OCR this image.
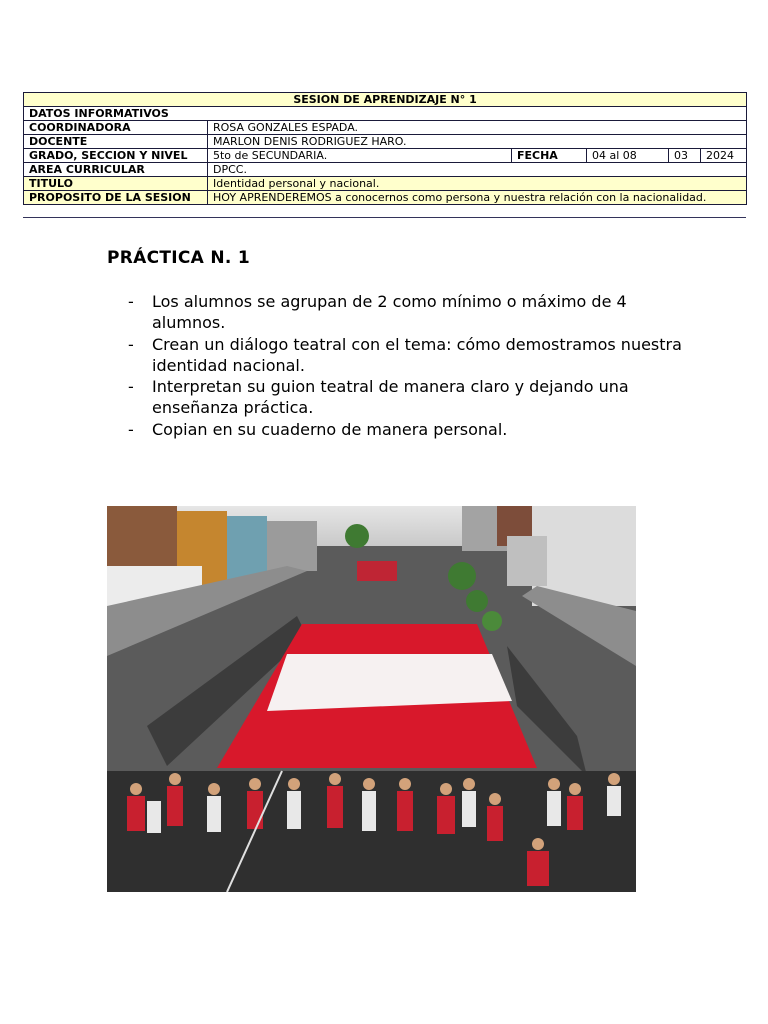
SESION DE APRENDIZAJE N° 1					
DATOS INFORMATIVOS					
COORDINADORA	ROSA GONZALES ESPADA.				
DOCENTE	MARLON DENIS RODRIGUEZ HARO.				
GRADO, SECCION Y NIVEL	5to de SECUNDARIA.	FECHA	04 al 08	03	2024
AREA CURRICULAR	DPCC.				
TITULO	Identidad personal y nacional.				
PROPOSITO DE LA SESION	HOY APRENDEREMOS a conocernos como persona y nuestra relación con la nacionalidad.				
PRÁCTICA N. 1
- Los alumnos se agrupan de 2 como mínimo o máximo de 4 alumnos.
- Crean un diálogo teatral con el tema: cómo demostramos nuestra identidad nacional.
- Interpretan su guion teatral de manera claro y dejando una enseñanza práctica.
- Copian en su cuaderno de manera personal.
